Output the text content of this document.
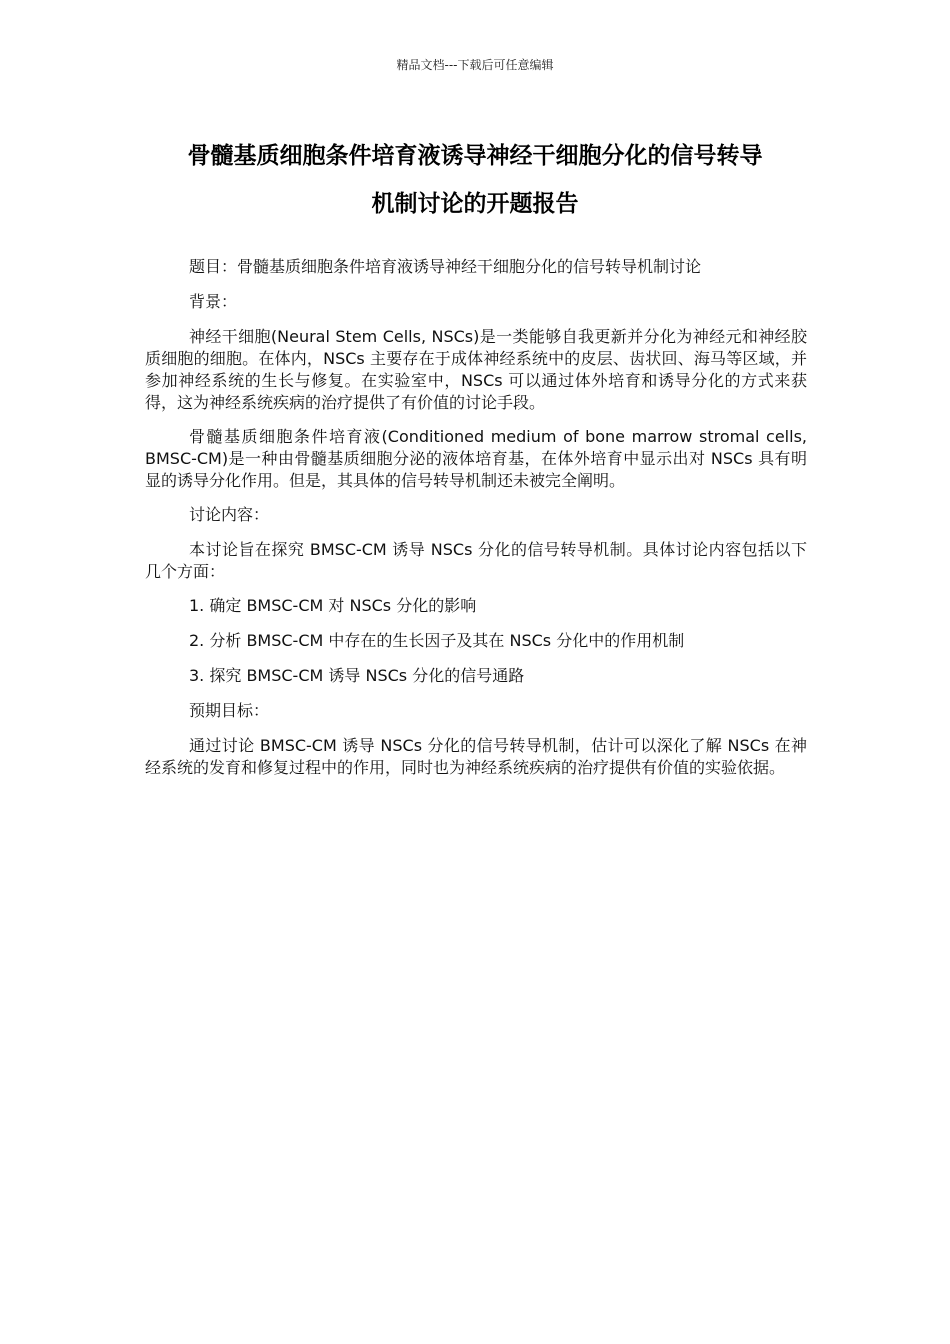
精品文档---下载后可任意编辑
骨髓基质细胞条件培育液诱导神经干细胞分化的信号转导
机制讨论的开题报告

题目：骨髓基质细胞条件培育液诱导神经干细胞分化的信号转导机制讨论

背景：

神经干细胞(Neural Stem Cells, NSCs)是一类能够自我更新并分化为神经元和神经胶质细胞的细胞。在体内，NSCs 主要存在于成体神经系统中的皮层、齿状回、海马等区域，并参加神经系统的生长与修复。在实验室中，NSCs 可以通过体外培育和诱导分化的方式来获得，这为神经系统疾病的治疗提供了有价值的讨论手段。

骨髓基质细胞条件培育液(Conditioned medium of bone marrow stromal cells, BMSC-CM)是一种由骨髓基质细胞分泌的液体培育基，在体外培育中显示出对 NSCs 具有明显的诱导分化作用。但是，其具体的信号转导机制还未被完全阐明。

讨论内容：

本讨论旨在探究 BMSC-CM 诱导 NSCs 分化的信号转导机制。具体讨论内容包括以下几个方面：

1. 确定 BMSC-CM 对 NSCs 分化的影响

2. 分析 BMSC-CM 中存在的生长因子及其在 NSCs 分化中的作用机制

3. 探究 BMSC-CM 诱导 NSCs 分化的信号通路

预期目标：

通过讨论 BMSC-CM 诱导 NSCs 分化的信号转导机制，估计可以深化了解 NSCs 在神经系统的发育和修复过程中的作用，同时也为神经系统疾病的治疗提供有价值的实验依据。
